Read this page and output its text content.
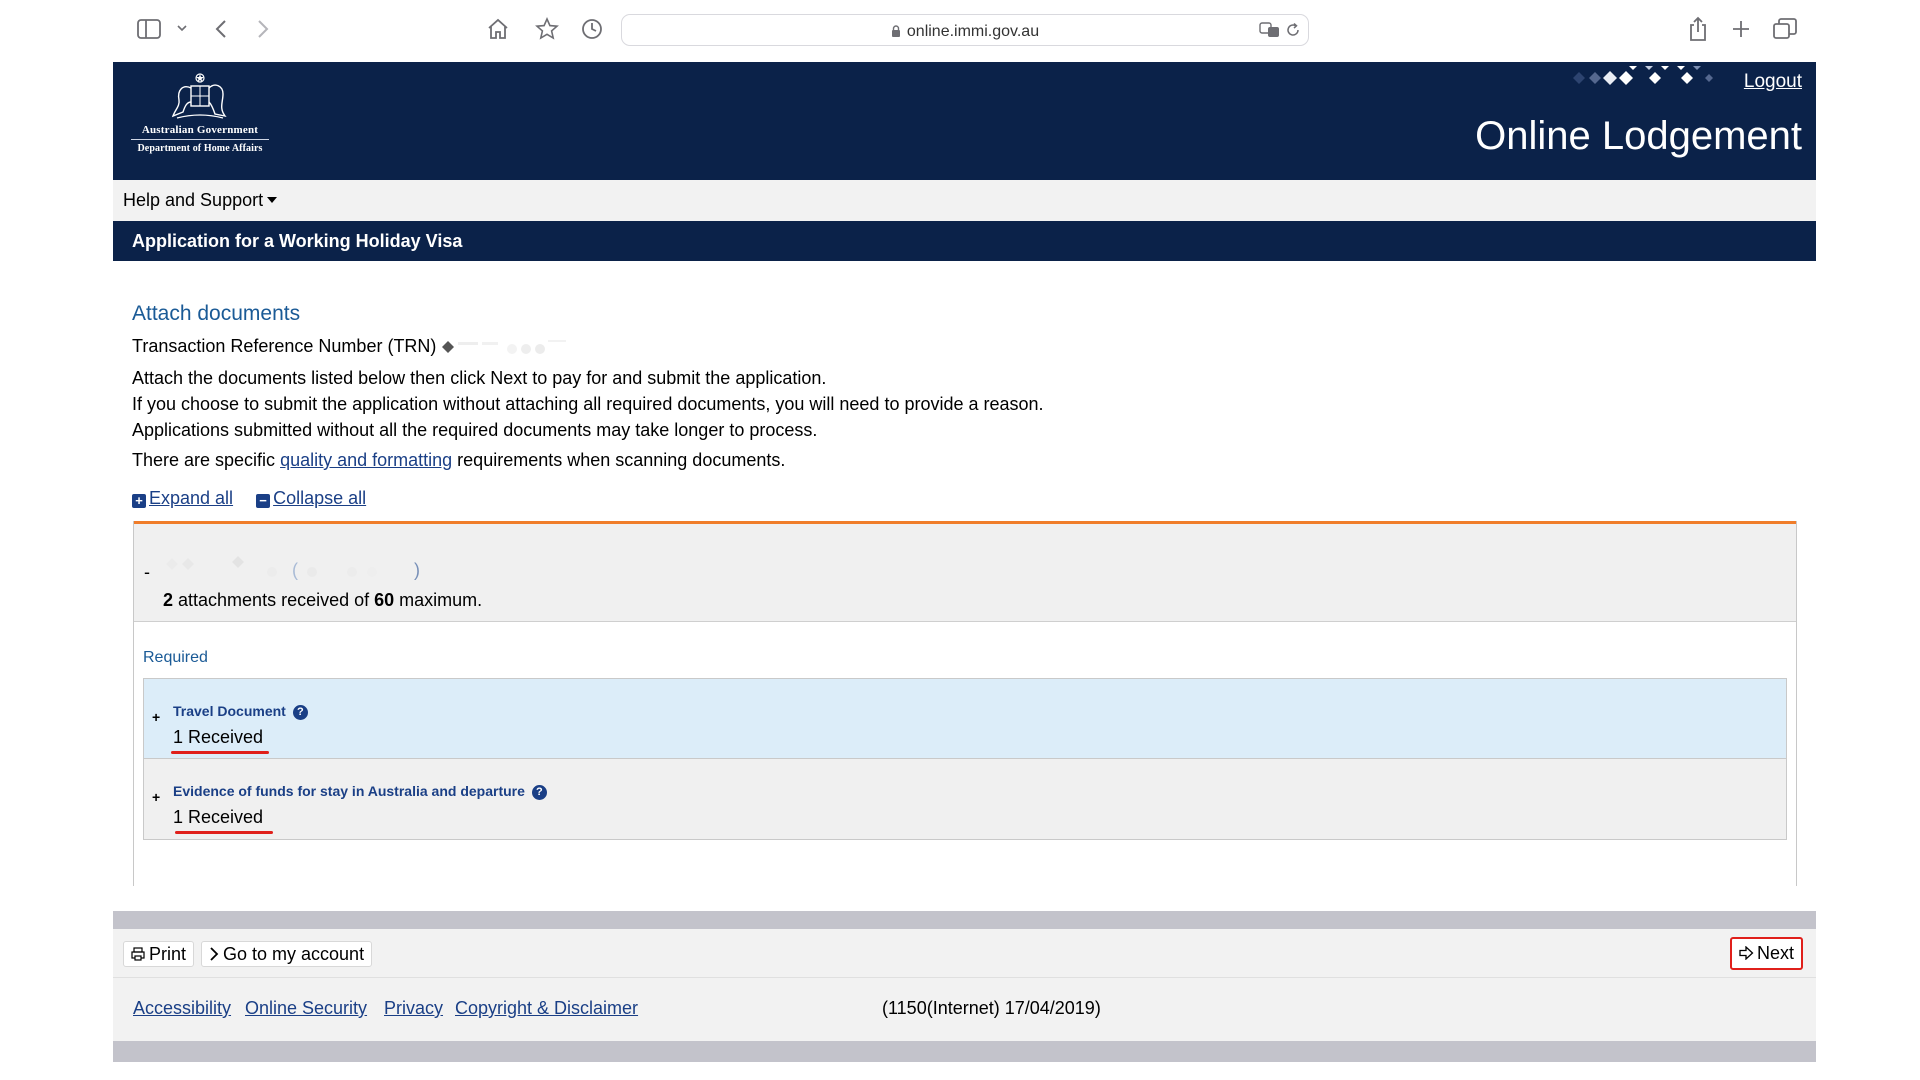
online.immi.gov.au
Australian Government
Department of Home Affairs
Logout
Online Lodgement
Help and Support
Application for a Working Holiday Visa
Attach documents
Transaction Reference Number (TRN)
Attach the documents listed below then click Next to pay for and submit the application.
If you choose to submit the application without attaching all required documents, you will need to provide a reason.
Applications submitted without all the required documents may take longer to process.
There are specific quality and formatting requirements when scanning documents.
+ Expand all − Collapse all
-	(	)
2 attachments received of 60 maximum.
Required
+ Travel Document ?
1 Received
+ Evidence of funds for stay in Australia and departure ?
1 Received
Print	Go to my account	Next
Accessibility Online Security Privacy Copyright & Disclaimer	(1150(Internet) 17/04/2019)
